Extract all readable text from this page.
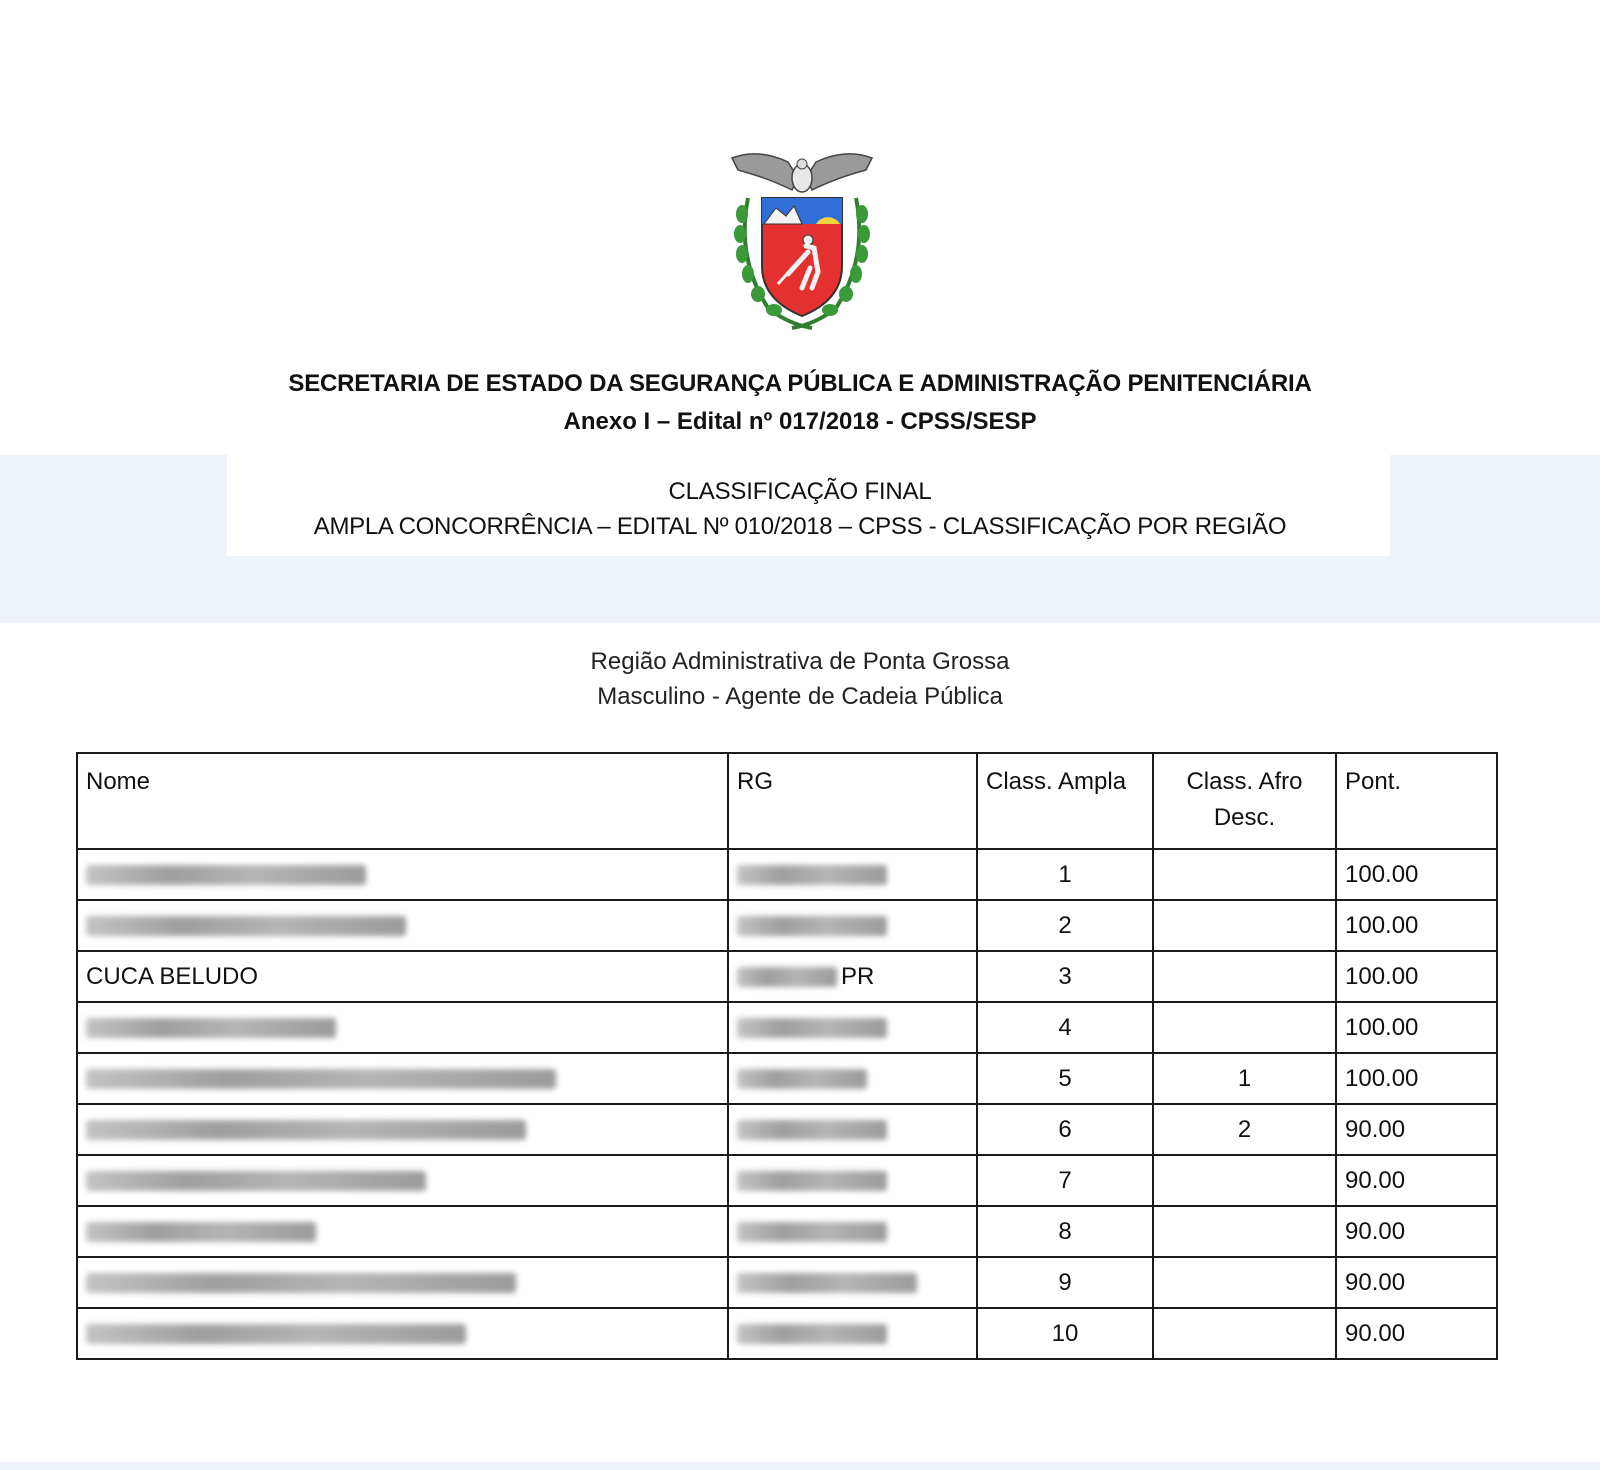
SECRETARIA DE ESTADO DA SEGURANÇA PÚBLICA E ADMINISTRAÇÃO PENITENCIÁRIA
Anexo I – Edital nº 017/2018 - CPSS/SESP
CLASSIFICAÇÃO FINAL
AMPLA CONCORRÊNCIA – EDITAL Nº 010/2018 – CPSS - CLASSIFICAÇÃO POR REGIÃO
Região Administrativa de Ponta Grossa
Masculino - Agente de Cadeia Pública
Nome	RG	Class. Ampla	Class. Afro Desc.	Pont.
		1		100.00
		2		100.00
CUCA BELUDO	PR	3		100.00
		4		100.00
		5	1	100.00
		6	2	90.00
		7		90.00
		8		90.00
		9		90.00
		10		90.00
